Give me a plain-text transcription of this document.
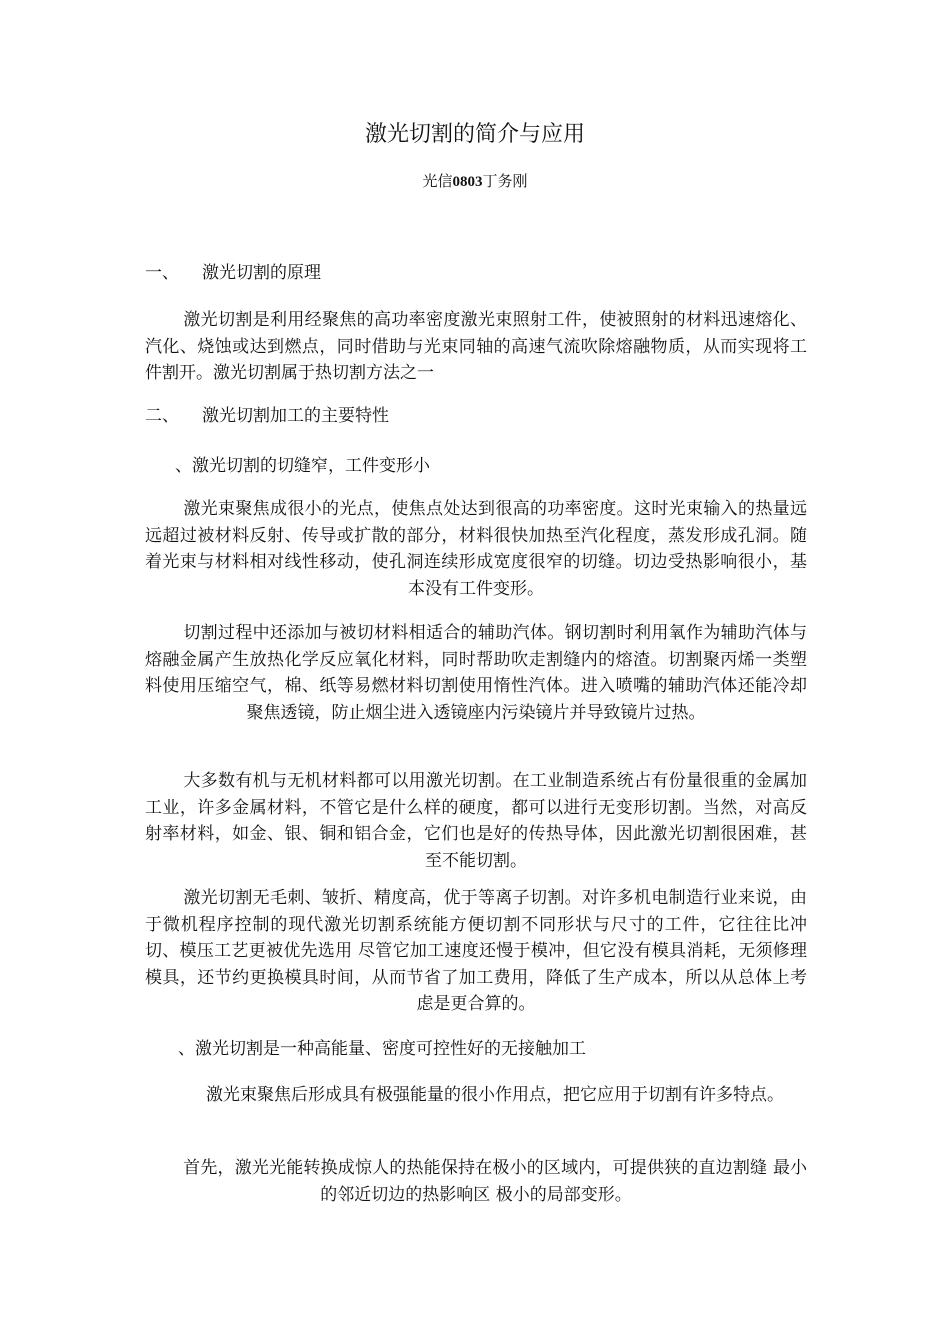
激光切割的简介与应用
光信0803丁务刚
一、 激光切割的原理
激光切割是利用经聚焦的高功率密度激光束照射工件，使被照射的材料迅速熔化、汽化、烧蚀或达到燃点，同时借助与光束同轴的高速气流吹除熔融物质，从而实现将工件割开。激光切割属于热切割方法之一
二、 激光切割加工的主要特性
、激光切割的切缝窄，工件变形小
激光束聚焦成很小的光点，使焦点处达到很高的功率密度。这时光束输入的热量远远超过被材料反射、传导或扩散的部分，材料很快加热至汽化程度，蒸发形成孔洞。随着光束与材料相对线性移动，使孔洞连续形成宽度很窄的切缝。切边受热影响很小，基本没有工件变形。
切割过程中还添加与被切材料相适合的辅助汽体。钢切割时利用氧作为辅助汽体与熔融金属产生放热化学反应氧化材料，同时帮助吹走割缝内的熔渣。切割聚丙烯一类塑料使用压缩空气，棉、纸等易燃材料切割使用惰性汽体。进入喷嘴的辅助汽体还能冷却聚焦透镜，防止烟尘进入透镜座内污染镜片并导致镜片过热。
大多数有机与无机材料都可以用激光切割。在工业制造系统占有份量很重的金属加工业，许多金属材料，不管它是什么样的硬度，都可以进行无变形切割。当然，对高反射率材料，如金、银、铜和铝合金，它们也是好的传热导体，因此激光切割很困难，甚至不能切割。
激光切割无毛刺、皱折、精度高，优于等离子切割。对许多机电制造行业来说，由于微机程序控制的现代激光切割系统能方便切割不同形状与尺寸的工件，它往往比冲切、模压工艺更被优先选用 尽管它加工速度还慢于模冲，但它没有模具消耗，无须修理模具，还节约更换模具时间，从而节省了加工费用，降低了生产成本，所以从总体上考虑是更合算的。
、激光切割是一种高能量、密度可控性好的无接触加工
激光束聚焦后形成具有极强能量的很小作用点，把它应用于切割有许多特点。
首先，激光光能转换成惊人的热能保持在极小的区域内，可提供狭的直边割缝 最小的邻近切边的热影响区 极小的局部变形。
